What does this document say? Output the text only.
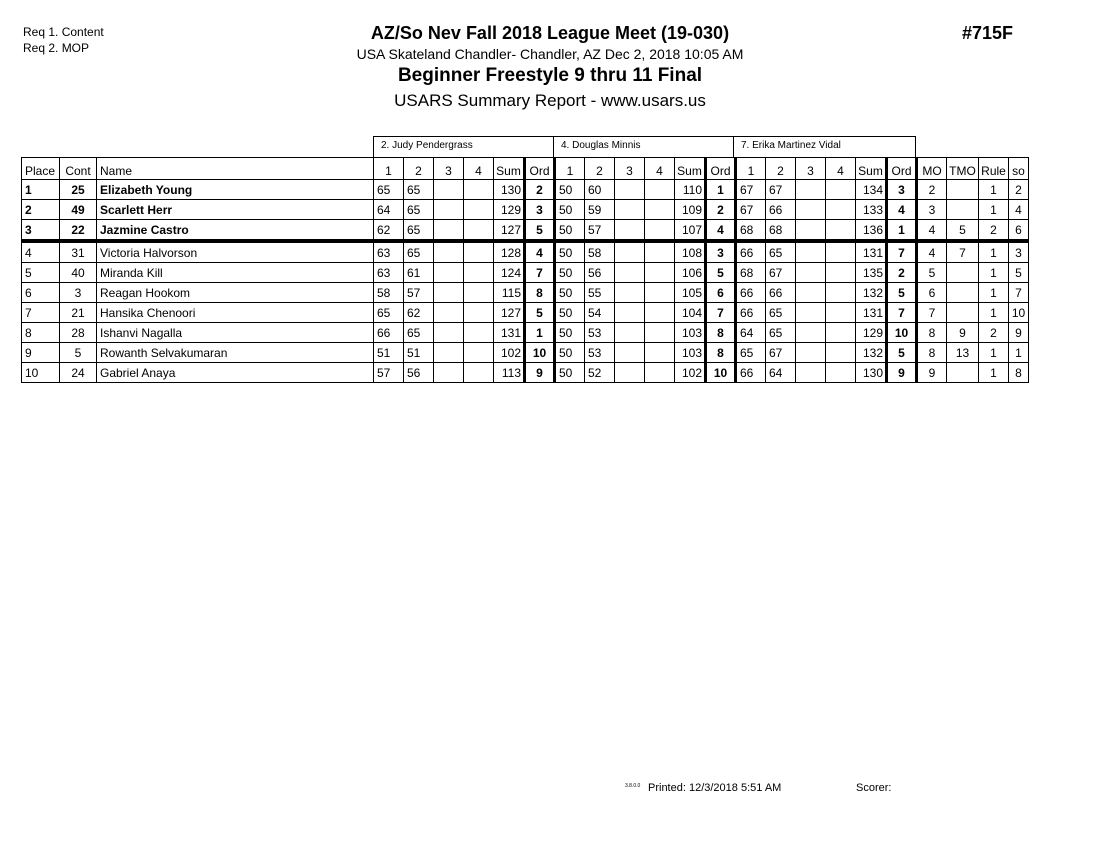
Req 1. Content
Req 2. MOP
AZ/So Nev Fall 2018 League Meet (19-030)
USA Skateland Chandler- Chandler, AZ Dec 2, 2018 10:05 AM
Beginner Freestyle 9 thru 11 Final
USARS Summary Report - www.usars.us
#715F
2. Judy Pendergrass	4. Douglas Minnis	7. Erika Martinez Vidal
Place	Cont	Name	1	2	3	4	Sum	Ord	1	2	3	4	Sum	Ord	1	2	3	4	Sum	Ord	MO	TMO	Rule	so
1	25	Elizabeth Young	65	65			130	2	50	60			110	1	67	67			134	3	2		1	2
2	49	Scarlett Herr	64	65			129	3	50	59			109	2	67	66			133	4	3		1	4
3	22	Jazmine Castro	62	65			127	5	50	57			107	4	68	68			136	1	4	5	2	6
4	31	Victoria Halvorson	63	65			128	4	50	58			108	3	66	65			131	7	4	7	1	3
5	40	Miranda Kill	63	61			124	7	50	56			106	5	68	67			135	2	5		1	5
6	3	Reagan Hookom	58	57			115	8	50	55			105	6	66	66			132	5	6		1	7
7	21	Hansika Chenoori	65	62			127	5	50	54			104	7	66	65			131	7	7		1	10
8	28	Ishanvi Nagalla	66	65			131	1	50	53			103	8	64	65			129	10	8	9	2	9
9	5	Rowanth Selvakumaran	51	51			102	10	50	53			103	8	65	67			132	5	8	13	1	1
10	24	Gabriel Anaya	57	56			113	9	50	52			102	10	66	64			130	9	9		1	8
3.8.0.0 Printed: 12/3/2018 5:51 AM	Scorer:
